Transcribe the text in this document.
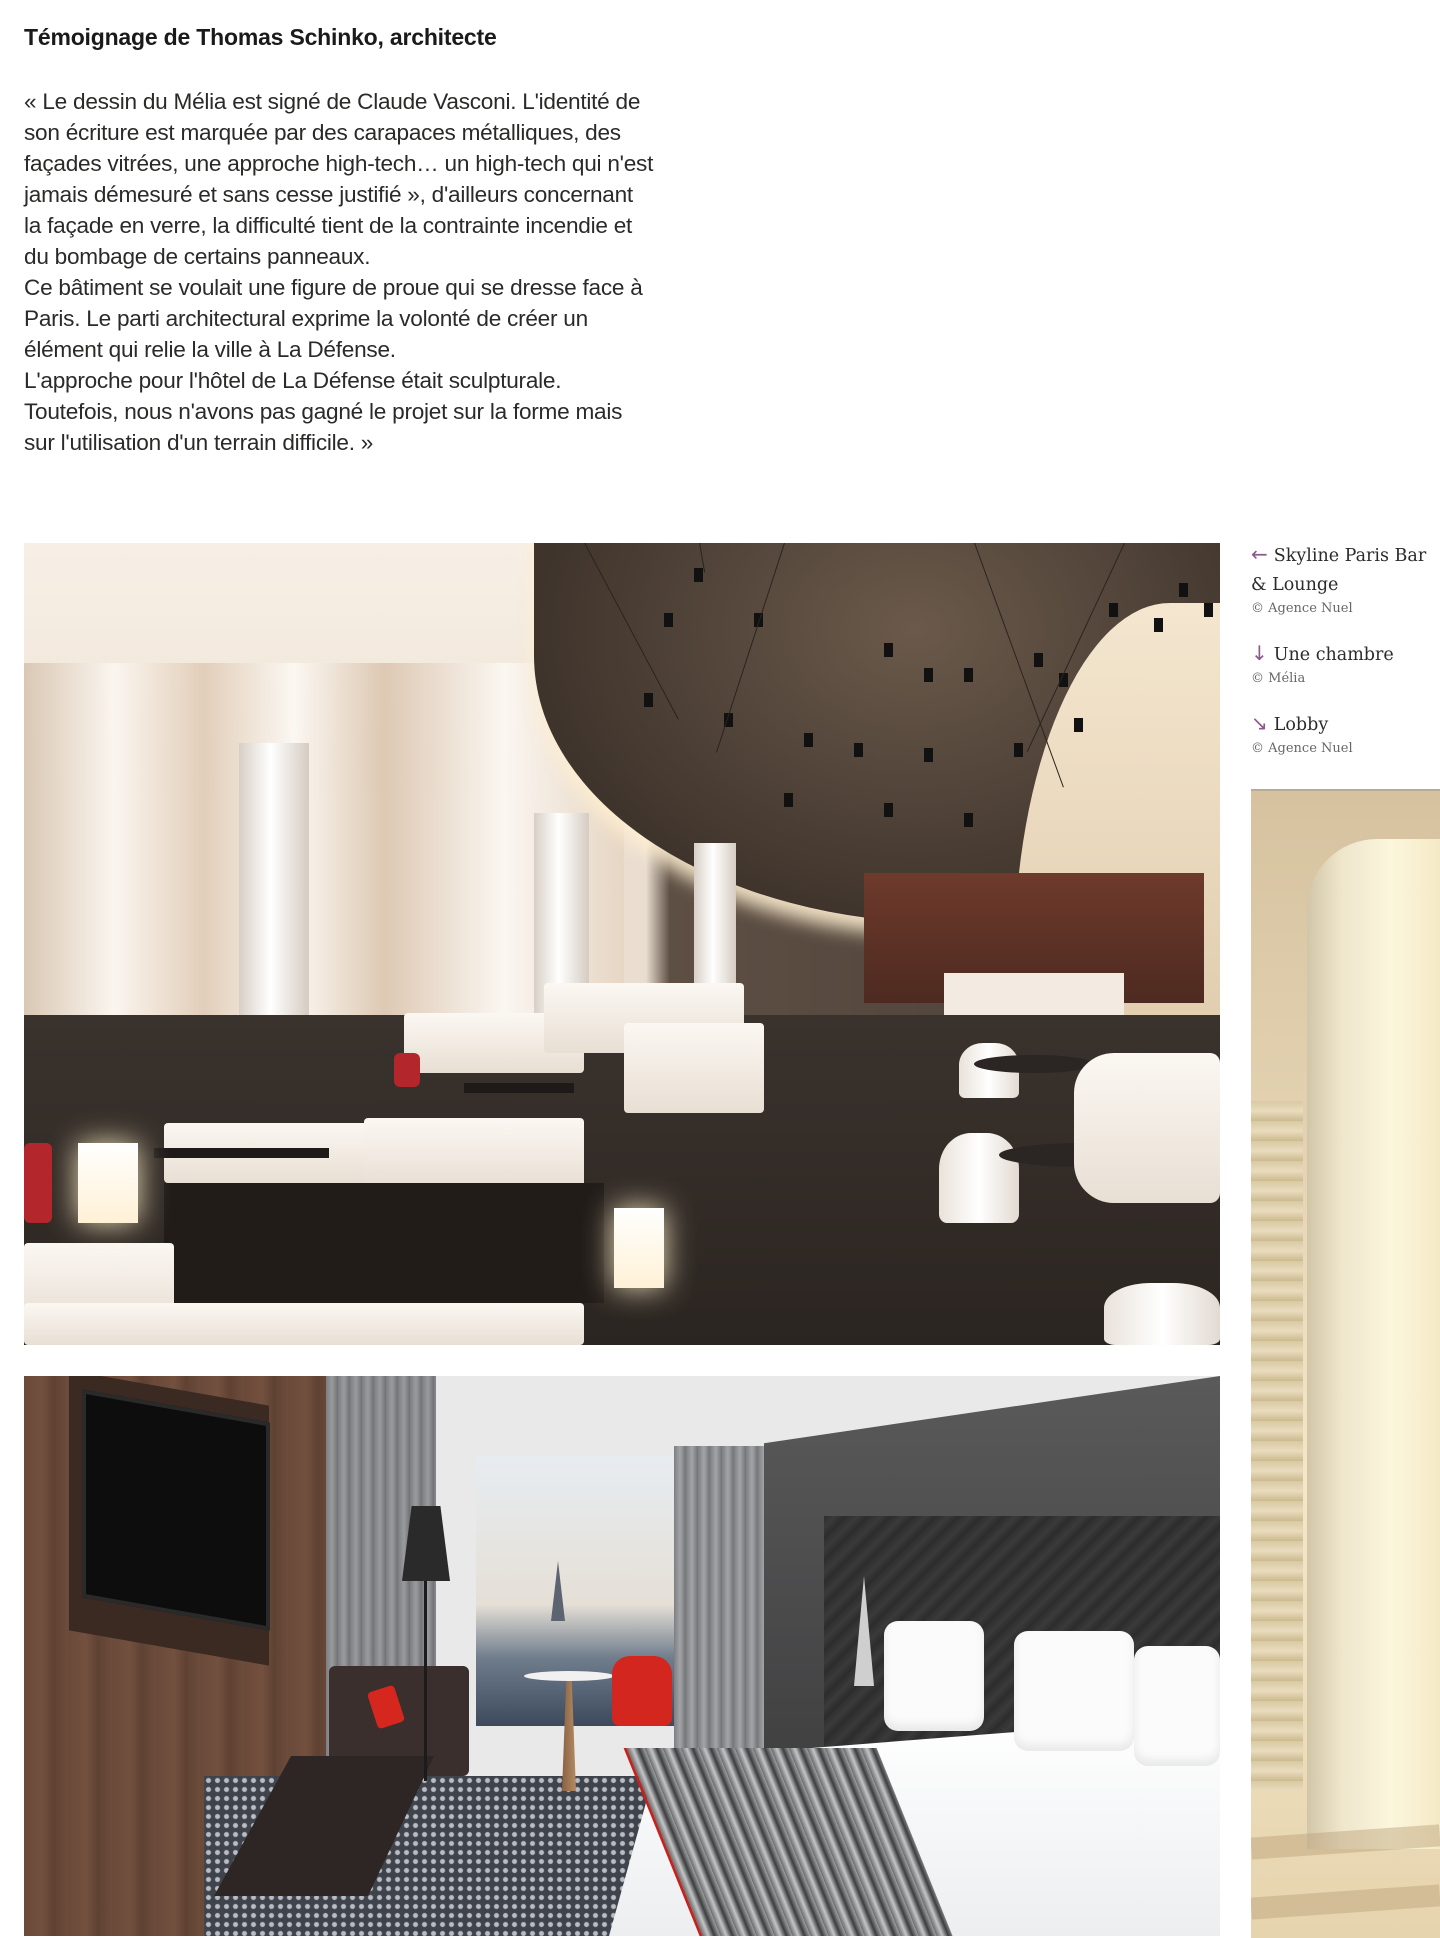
Témoignage de Thomas Schinko, architecte

« Le dessin du Mélia est signé de Claude Vasconi. L'identité de son écriture est marquée par des carapaces métalliques, des façades vitrées, une approche high-tech… un high-tech qui n'est jamais démesuré et sans cesse justifié », d'ailleurs concernant la façade en verre, la difficulté tient de la contrainte incendie et du bombage de certains panneaux.

Ce bâtiment se voulait une figure de proue qui se dresse face à Paris. Le parti architectural exprime la volonté de créer un élément qui relie la ville à La Défense.

L'approche pour l'hôtel de La Défense était sculpturale. Toutefois, nous n'avons pas gagné le projet sur la forme mais sur l'utilisation d'un terrain difficile. »

← Skyline Paris Bar & Lounge
© Agence Nuel
↓ Une chambre
© Mélia
↘ Lobby
© Agence Nuel
